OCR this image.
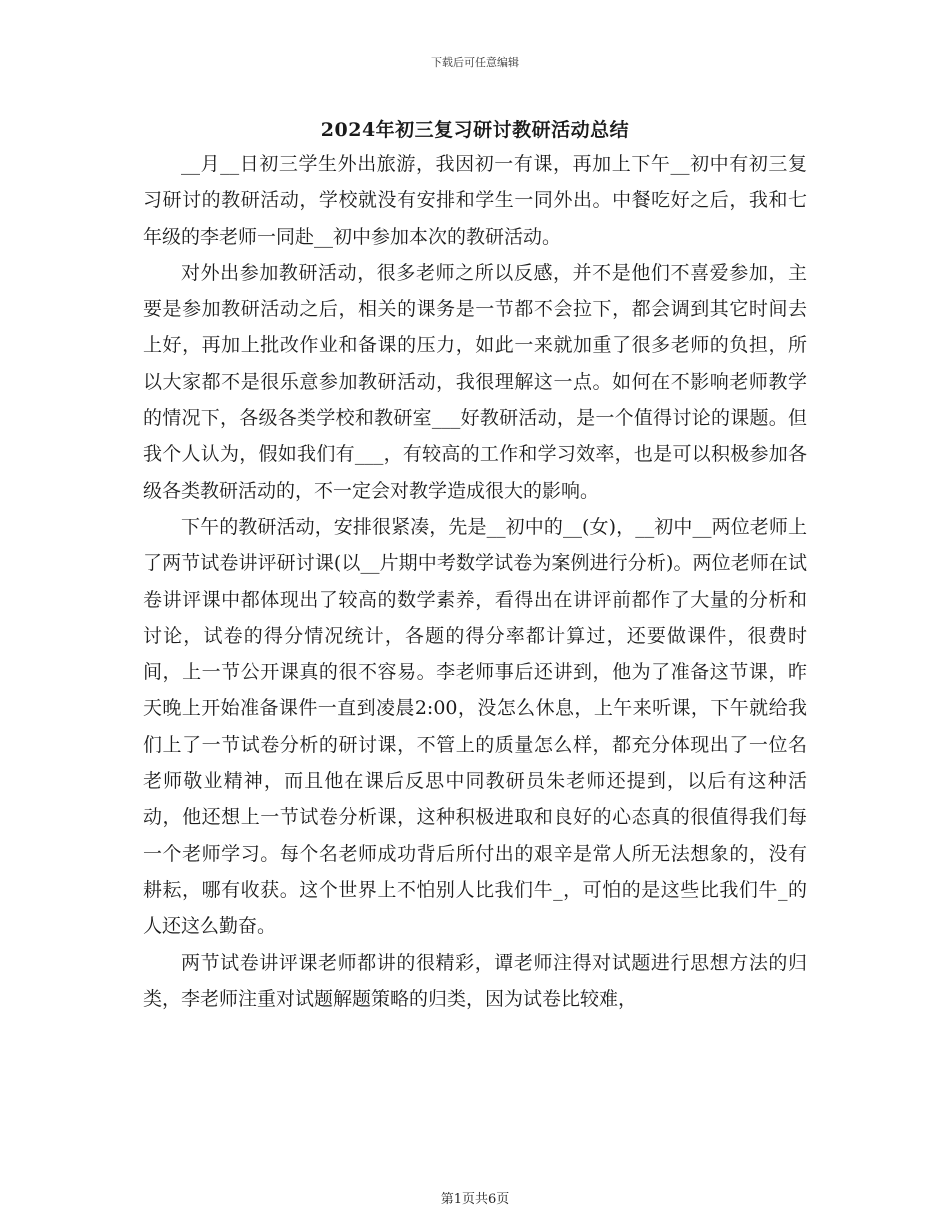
下载后可任意编辑
2024年初三复习研讨教研活动总结

__月__日初三学生外出旅游，我因初一有课，再加上下午__初中有初三复习研讨的教研活动，学校就没有安排和学生一同外出。中餐吃好之后，我和七年级的李老师一同赴__初中参加本次的教研活动。

对外出参加教研活动，很多老师之所以反感，并不是他们不喜爱参加，主要是参加教研活动之后，相关的课务是一节都不会拉下，都会调到其它时间去上好，再加上批改作业和备课的压力，如此一来就加重了很多老师的负担，所以大家都不是很乐意参加教研活动，我很理解这一点。如何在不影响老师教学的情况下，各级各类学校和教研室___好教研活动，是一个值得讨论的课题。但我个人认为，假如我们有___，有较高的工作和学习效率，也是可以积极参加各级各类教研活动的，不一定会对教学造成很大的影响。

下午的教研活动，安排很紧凑，先是__初中的__(女)，__初中__两位老师上了两节试卷讲评研讨课(以__片期中考数学试卷为案例进行分析)。两位老师在试卷讲评课中都体现出了较高的数学素养，看得出在讲评前都作了大量的分析和讨论，试卷的得分情况统计，各题的得分率都计算过，还要做课件，很费时间，上一节公开课真的很不容易。李老师事后还讲到，他为了准备这节课，昨天晚上开始准备课件一直到凌晨2:00，没怎么休息，上午来听课，下午就给我们上了一节试卷分析的研讨课，不管上的质量怎么样，都充分体现出了一位名老师敬业精神，而且他在课后反思中同教研员朱老师还提到，以后有这种活动，他还想上一节试卷分析课，这种积极进取和良好的心态真的很值得我们每一个老师学习。每个名老师成功背后所付出的艰辛是常人所无法想象的，没有耕耘，哪有收获。这个世界上不怕别人比我们牛_，可怕的是这些比我们牛_的人还这么勤奋。

两节试卷讲评课老师都讲的很精彩，谭老师注得对试题进行思想方法的归类，李老师注重对试题解题策略的归类，因为试卷比较难，

第1页共6页
